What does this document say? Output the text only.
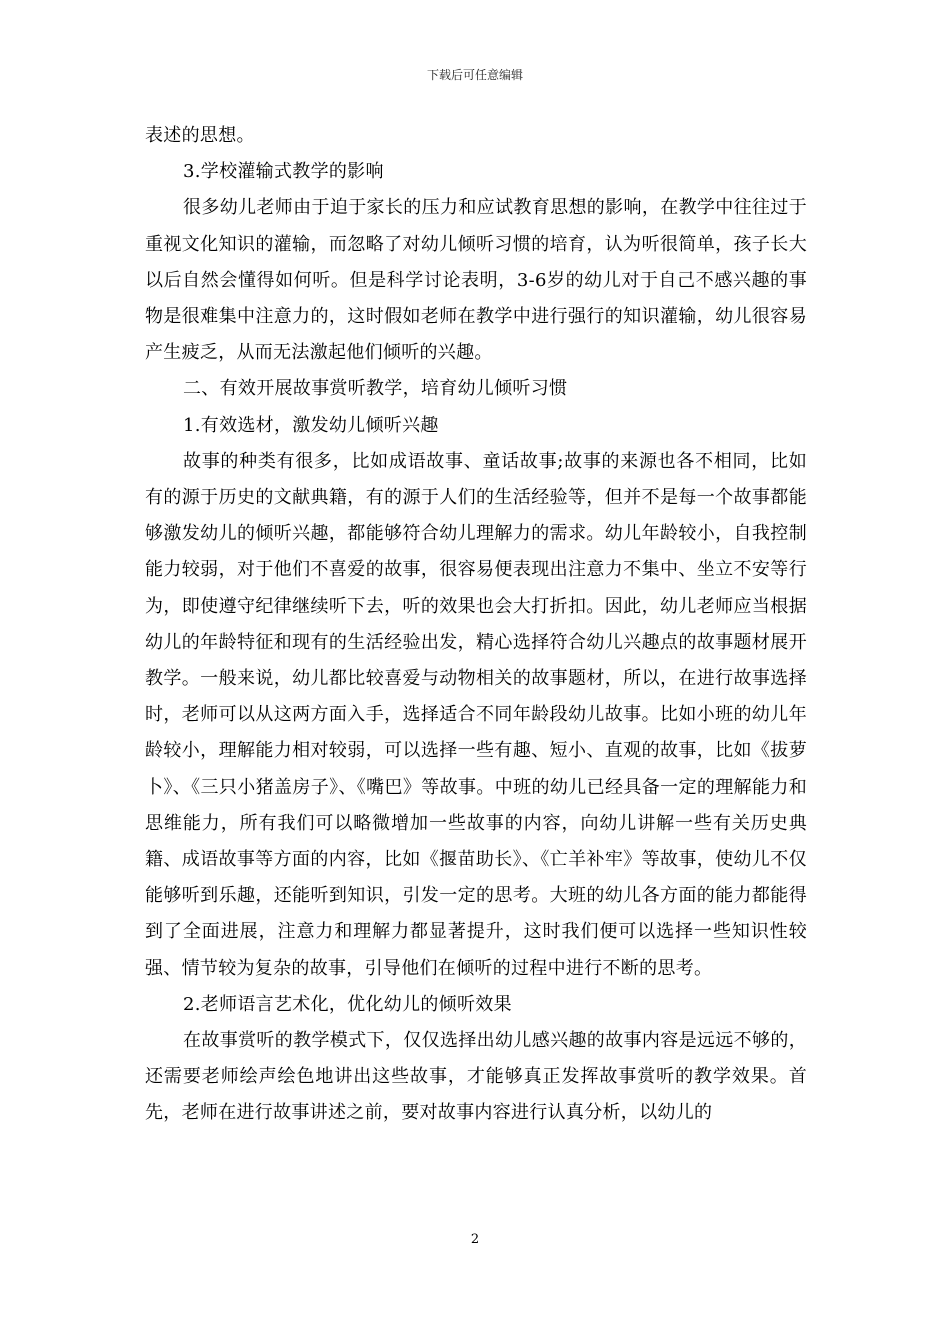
下载后可任意编辑

表述的思想。

3.学校灌输式教学的影响

很多幼儿老师由于迫于家长的压力和应试教育思想的影响，在教学中往往过于重视文化知识的灌输，而忽略了对幼儿倾听习惯的培育，认为听很简单，孩子长大以后自然会懂得如何听。但是科学讨论表明，3-6岁的幼儿对于自己不感兴趣的事物是很难集中注意力的，这时假如老师在教学中进行强行的知识灌输，幼儿很容易产生疲乏，从而无法激起他们倾听的兴趣。

二、有效开展故事赏听教学，培育幼儿倾听习惯

1.有效选材，激发幼儿倾听兴趣

故事的种类有很多，比如成语故事、童话故事;故事的来源也各不相同，比如有的源于历史的文献典籍，有的源于人们的生活经验等，但并不是每一个故事都能够激发幼儿的倾听兴趣，都能够符合幼儿理解力的需求。幼儿年龄较小，自我控制能力较弱，对于他们不喜爱的故事，很容易便表现出注意力不集中、坐立不安等行为，即使遵守纪律继续听下去，听的效果也会大打折扣。因此，幼儿老师应当根据幼儿的年龄特征和现有的生活经验出发，精心选择符合幼儿兴趣点的故事题材展开教学。一般来说，幼儿都比较喜爱与动物相关的故事题材，所以，在进行故事选择时，老师可以从这两方面入手，选择适合不同年龄段幼儿故事。比如小班的幼儿年龄较小，理解能力相对较弱，可以选择一些有趣、短小、直观的故事，比如《拔萝卜》、《三只小猪盖房子》、《嘴巴》等故事。中班的幼儿已经具备一定的理解能力和思维能力，所有我们可以略微增加一些故事的内容，向幼儿讲解一些有关历史典籍、成语故事等方面的内容，比如《揠苗助长》、《亡羊补牢》等故事，使幼儿不仅能够听到乐趣，还能听到知识，引发一定的思考。大班的幼儿各方面的能力都能得到了全面进展，注意力和理解力都显著提升，这时我们便可以选择一些知识性较强、情节较为复杂的故事，引导他们在倾听的过程中进行不断的思考。

2.老师语言艺术化，优化幼儿的倾听效果

在故事赏听的教学模式下，仅仅选择出幼儿感兴趣的故事内容是远远不够的，还需要老师绘声绘色地讲出这些故事，才能够真正发挥故事赏听的教学效果。首先，老师在进行故事讲述之前，要对故事内容进行认真分析，以幼儿的

2
